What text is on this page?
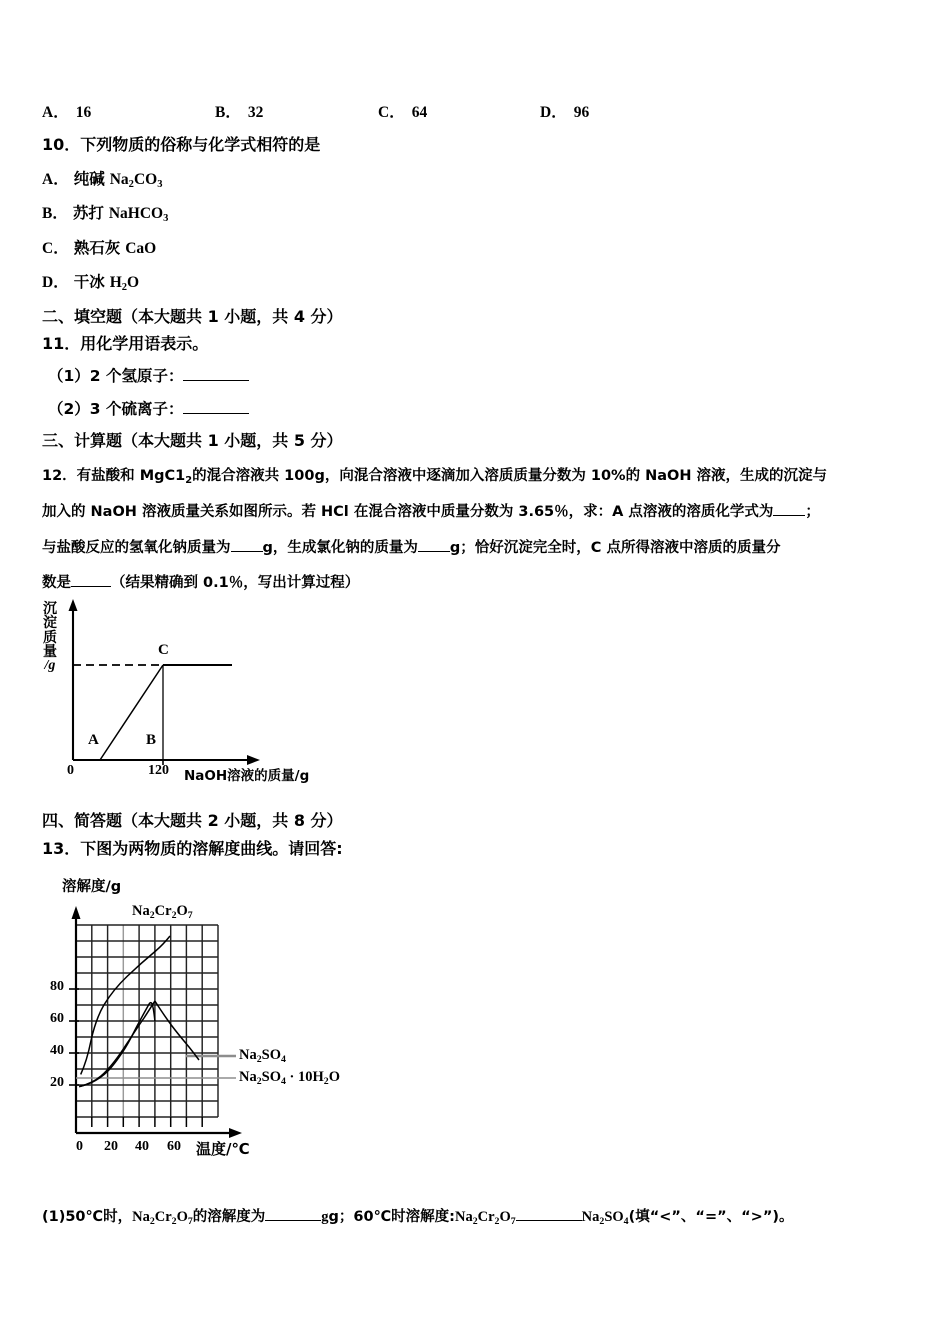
A． 16	B． 32	C． 64	D． 96
10．下列物质的俗称与化学式相符的是
A． 纯碱 $Na_2CO_3$
B． 苏打 NaHCO$_3$
C． 熟石灰 CaO
D． 干冰 $H_2O$
二、填空题（本大题共 1 小题，共 4 分）
11．用化学用语表示。
（1）2 个氢原子：
（2）3 个硫离子：
三、计算题（本大题共 1 小题，共 5 分）
12．有盐酸和 $MgC1_2$的混合溶液共 100g，向混合溶液中逐滴加入溶质质量分数为 10%的 NaOH 溶液，生成的沉淀与
加入的 NaOH 溶液质量关系如图所示。若 HCl 在混合溶液中质量分数为 3.65％，求：A 点溶液的溶质化学式为 ；
与盐酸反应的氢氧化钠质量为 g，生成氯化钠的质量为 g；恰好沉淀完全时，C 点所得溶液中溶质的质量分
数是	（结果精确到 0.1％，写出计算过程）
沉
淀
质
量
/g
A	B
C
0	120 NaOH溶液的质量/g
四、简答题（本大题共 2 小题，共 8 分）
13．下图为两物质的溶解度曲线。请回答:
溶解度/g
$Na_2Cr_2O_7$
20
40
60
80
0	20	40	60 温度/℃
$Na_2SO_4$
$Na_2SO_4 \cdot 10H_2O$
(1)50℃时，$Na_2Cr_2O_7$的溶解度为	gg；60℃时溶解度$:Na_2Cr_2O_7$	$Na_2SO_4$(填“<”、“=”、“>”)。
